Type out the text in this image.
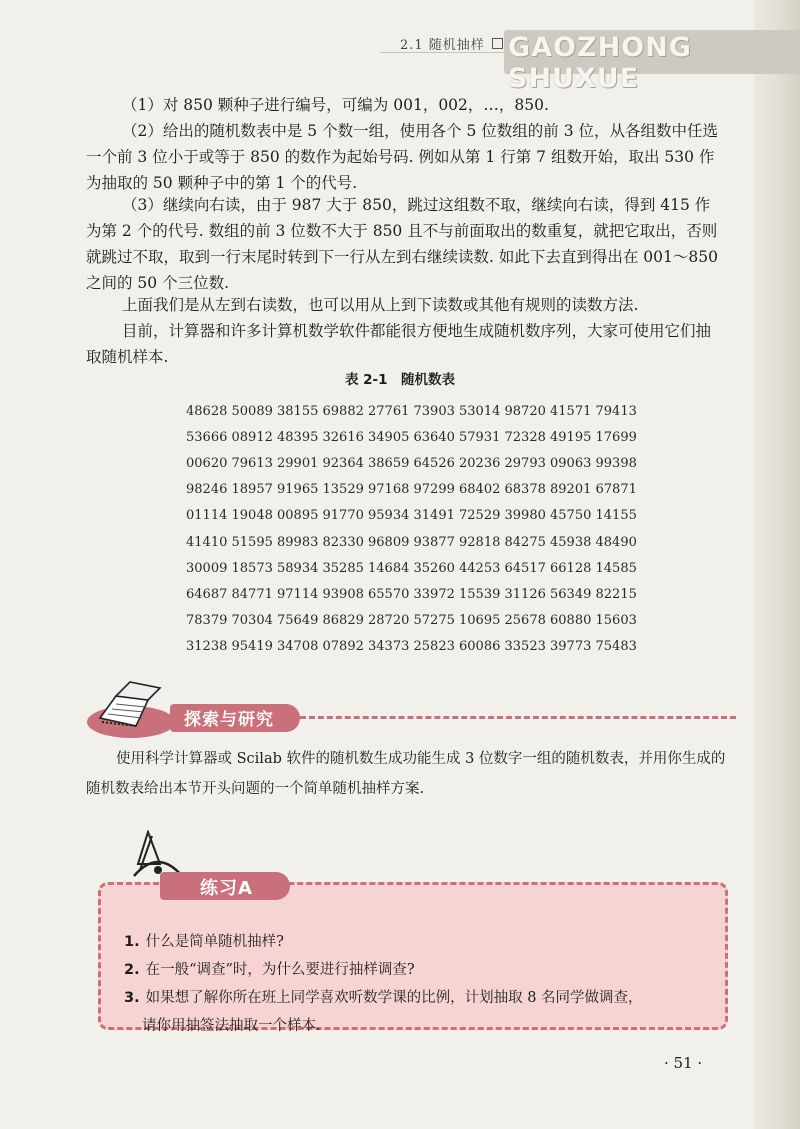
2.1 随机抽样 GAOZHONG SHUXUE

（1）对 850 颗种子进行编号，可编为 001，002，…，850.

（2）给出的随机数表中是 5 个数一组，使用各个 5 位数组的前 3 位，从各组数中任选一个前 3 位小于或等于 850 的数作为起始号码. 例如从第 1 行第 7 组数开始，取出 530 作为抽取的 50 颗种子中的第 1 个的代号.

（3）继续向右读，由于 987 大于 850，跳过这组数不取，继续向右读，得到 415 作为第 2 个的代号. 数组的前 3 位数不大于 850 且不与前面取出的数重复，就把它取出，否则就跳过不取，取到一行末尾时转到下一行从左到右继续读数. 如此下去直到得出在 001～850之间的 50 个三位数.

上面我们是从左到右读数，也可以用从上到下读数或其他有规则的读数方法.

目前，计算器和许多计算机数学软件都能很方便地生成随机数序列，大家可使用它们抽取随机样本.

表 2-1　随机数表
48628	50089	38155	69882	27761	73903	53014	98720	41571	79413
53666	08912	48395	32616	34905	63640	57931	72328	49195	17699
00620	79613	29901	92364	38659	64526	20236	29793	09063	99398
98246	18957	91965	13529	97168	97299	68402	68378	89201	67871
01114	19048	00895	91770	95934	31491	72529	39980	45750	14155
41410	51595	89983	82330	96809	93877	92818	84275	45938	48490
30009	18573	58934	35285	14684	35260	44253	64517	66128	14585
64687	84771	97114	93908	65570	33972	15539	31126	56349	82215
78379	70304	75649	86829	28720	57275	10695	25678	60880	15603
31238	95419	34708	07892	34373	25823	60086	33523	39773	75483
探索与研究

使用科学计算器或 Scilab 软件的随机数生成功能生成 3 位数字一组的随机数表，并用你生成的随机数表给出本节开头问题的一个简单随机抽样方案.

练习A
1. 什么是简单随机抽样?
2. 在一般“调查”时，为什么要进行抽样调查?
3. 如果想了解你所在班上同学喜欢听数学课的比例，计划抽取 8 名同学做调查，
请你用抽签法抽取一个样本.
· 51 ·
